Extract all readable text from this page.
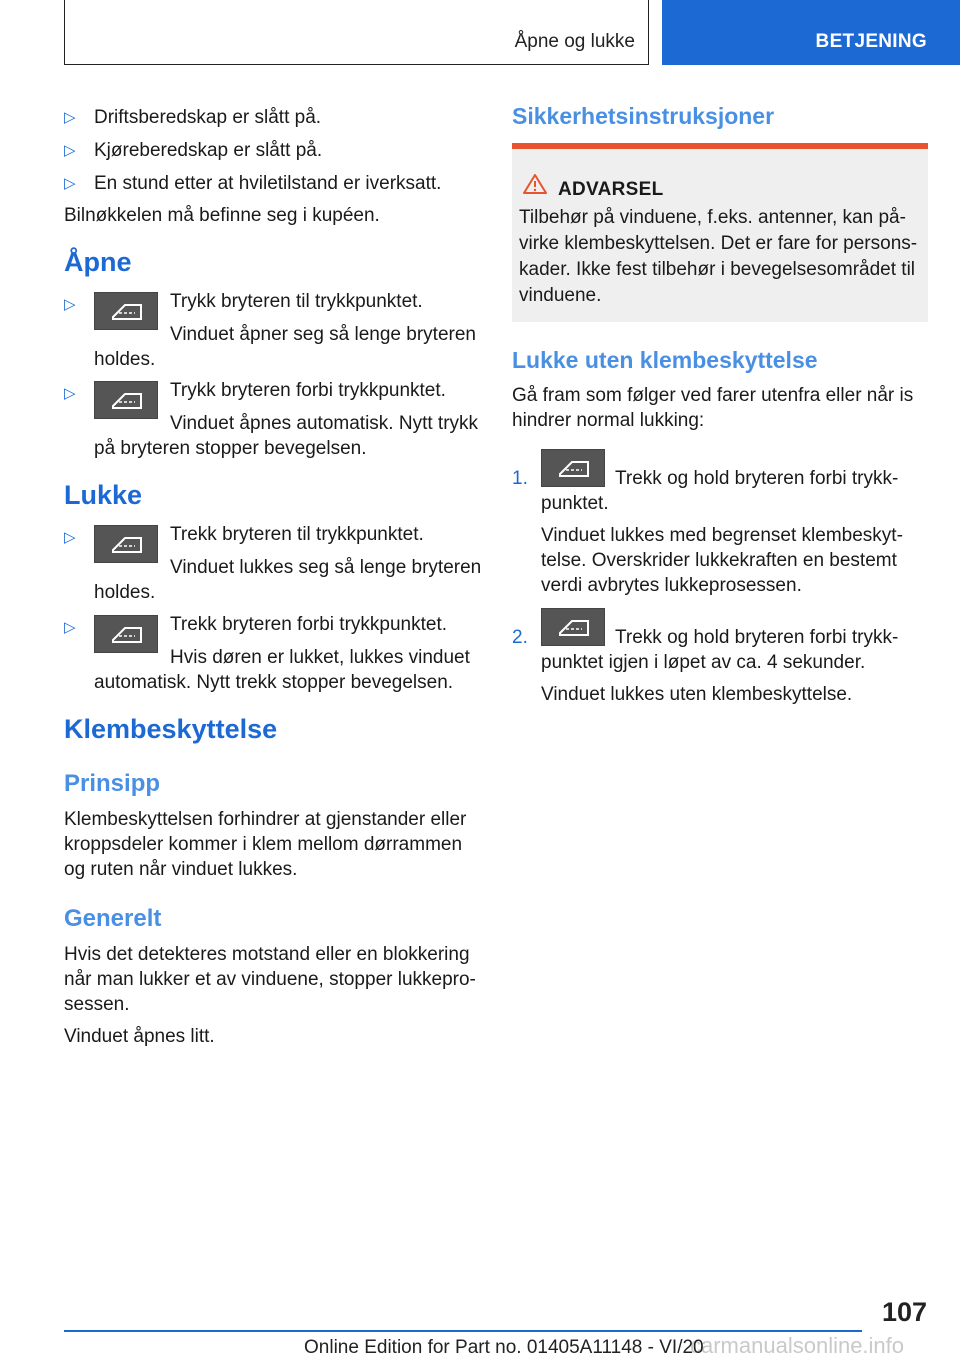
Åpne og lukke	BETJENING
▷ Driftsberedskap er slått på.
▷ Kjøreberedskap er slått på.
▷ En stund etter at hviletilstand er iverksatt.
Bilnøkkelen må befinne seg i kupéen.
Åpne
▷	Trykk bryteren til trykkpunktet.
Vinduet åpner seg så lenge bryteren
holdes.
▷	Trykk bryteren forbi trykkpunktet.
Vinduet åpnes automatisk. Nytt trykk
på bryteren stopper bevegelsen.
Lukke
▷	Trekk bryteren til trykkpunktet.
Vinduet lukkes seg så lenge bryteren
holdes.
▷	Trekk bryteren forbi trykkpunktet.
Hvis døren er lukket, lukkes vinduet
automatisk. Nytt trekk stopper bevegelsen.
Klembeskyttelse
Prinsipp
Klembeskyttelsen forhindrer at gjenstander eller
kroppsdeler kommer i klem mellom dørrammen
og ruten når vinduet lukkes.
Generelt
Hvis det detekteres motstand eller en blokkering
når man lukker et av vinduene, stopper lukkepro-
sessen.
Vinduet åpnes litt.
Sikkerhetsinstruksjoner
ADVARSEL
Tilbehør på vinduene, f.eks. antenner, kan på-
virke klembeskyttelsen. Det er fare for persons-
kader. Ikke fest tilbehør i bevegelsesområdet til
vinduene.
Lukke uten klembeskyttelse
Gå fram som følger ved farer utenfra eller når is
hindrer normal lukking:
1.	Trekk og hold bryteren forbi trykk-
punktet.
Vinduet lukkes med begrenset klembeskyt-
telse. Overskrider lukkekraften en bestemt
verdi avbrytes lukkeprosessen.
2.	Trekk og hold bryteren forbi trykk-
punktet igjen i løpet av ca. 4 sekunder.
Vinduet lukkes uten klembeskyttelse.
107
carmanualsonline.info
Online Edition for Part no. 01405A11148 - VI/20
